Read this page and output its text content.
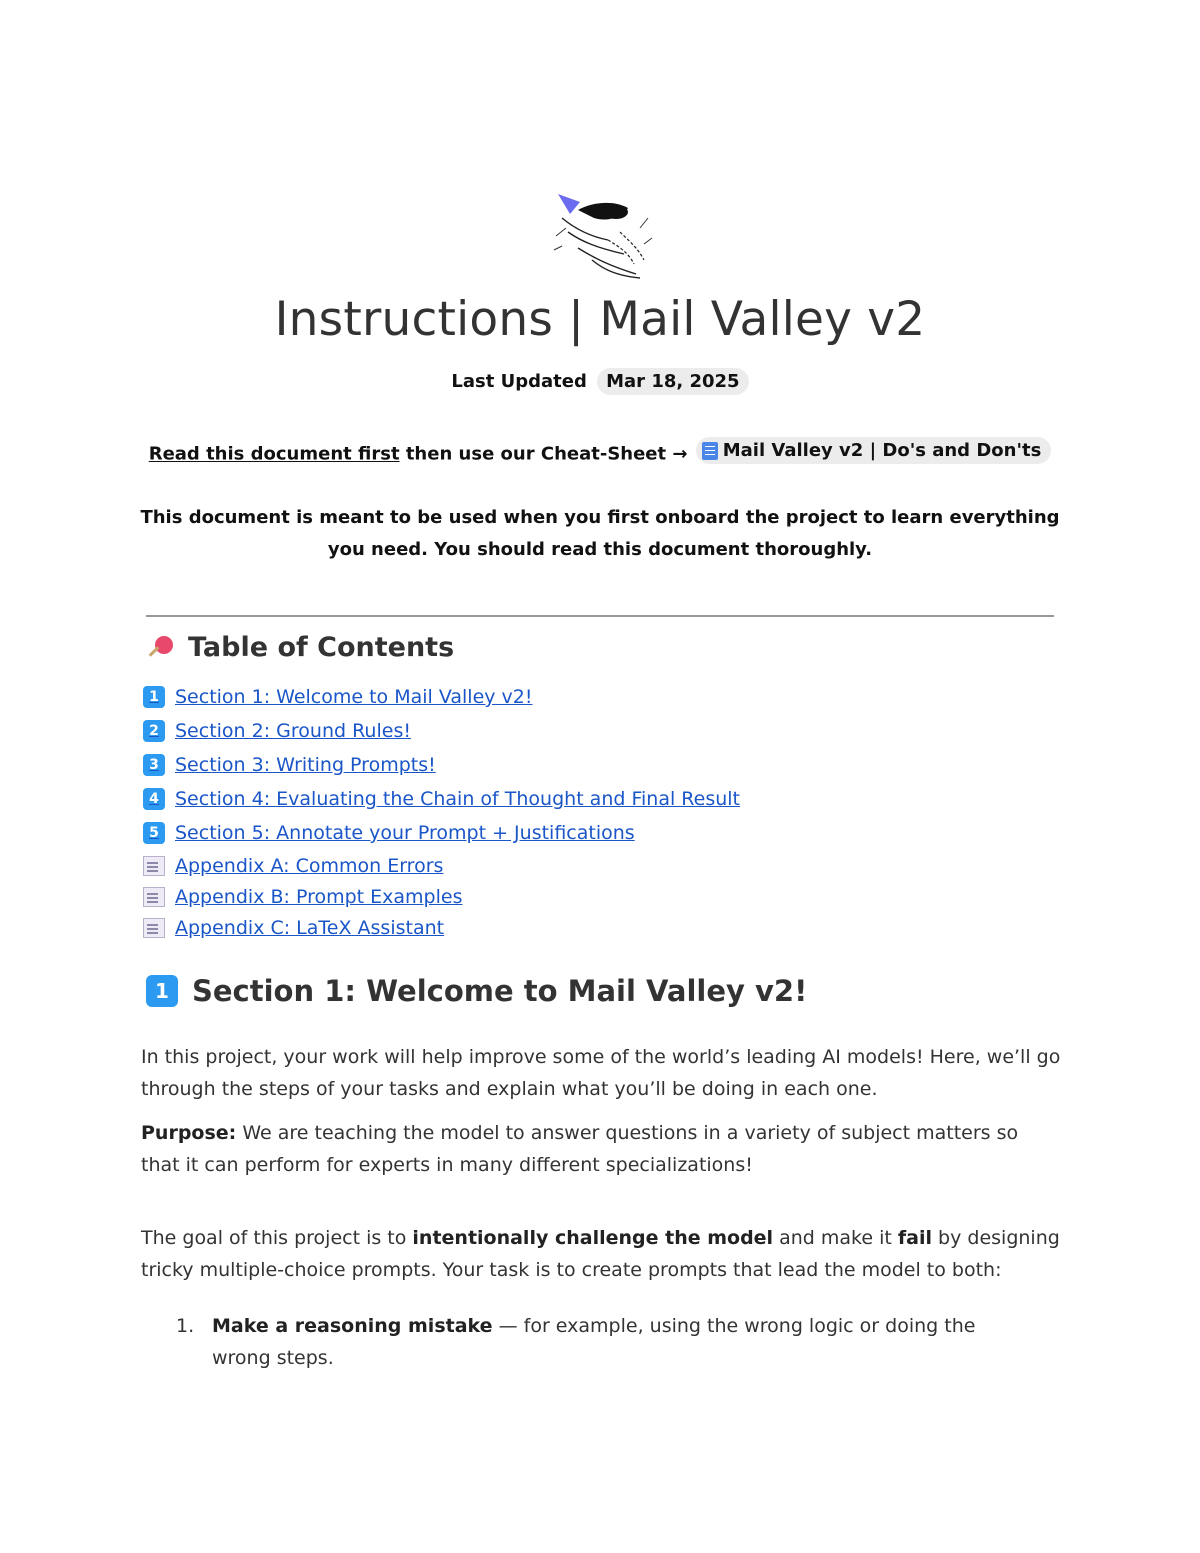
Instructions | Mail Valley v2
Last Updated Mar 18, 2025
Read this document first then use our Cheat-Sheet → Mail Valley v2 | Do's and Don'ts

This document is meant to be used when you first onboard the project to learn everything you need. You should read this document thoroughly.

Table of Contents
1 Section 1: Welcome to Mail Valley v2!
2 Section 2: Ground Rules!
3 Section 3: Writing Prompts!
4 Section 4: Evaluating the Chain of Thought and Final Result
5 Section 5: Annotate your Prompt + Justifications
Appendix A: Common Errors
Appendix B: Prompt Examples
Appendix C: LaTeX Assistant
1 Section 1: Welcome to Mail Valley v2!

In this project, your work will help improve some of the world’s leading AI models! Here, we’ll go through the steps of your tasks and explain what you’ll be doing in each one.

Purpose: We are teaching the model to answer questions in a variety of subject matters so that it can perform for experts in many different specializations!

The goal of this project is to intentionally challenge the model and make it fail by designing tricky multiple-choice prompts. Your task is to create prompts that lead the model to both:

1. Make a reasoning mistake — for example, using the wrong logic or doing the wrong steps.
